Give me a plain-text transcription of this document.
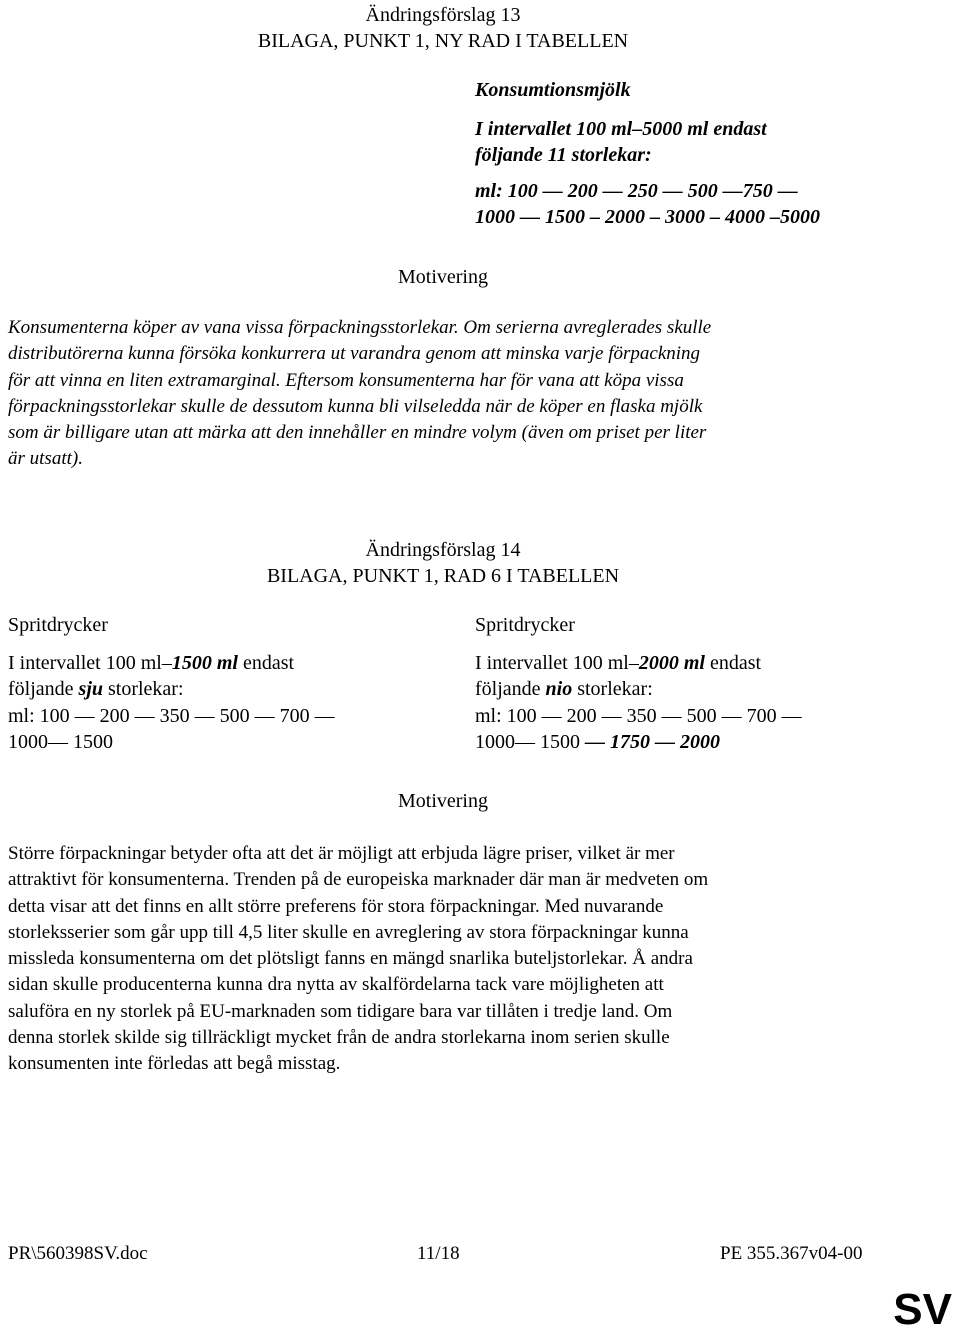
Ändringsförslag 13
BILAGA, PUNKT 1, NY RAD I TABELLEN
Konsumtionsmjölk
I intervallet 100 ml–5000 ml endast
följande 11 storlekar:
ml: 100 — 200 — 250 — 500 —750 —
1000 — 1500 – 2000 – 3000 – 4000 –5000
Motivering
Konsumenterna köper av vana vissa förpackningsstorlekar. Om serierna avreglerades skulle
distributörerna kunna försöka konkurrera ut varandra genom att minska varje förpackning
för att vinna en liten extramarginal. Eftersom konsumenterna har för vana att köpa vissa
förpackningsstorlekar skulle de dessutom kunna bli vilseledda när de köper en flaska mjölk
som är billigare utan att märka att den innehåller en mindre volym (även om priset per liter
är utsatt).
Ändringsförslag 14
BILAGA, PUNKT 1, RAD 6 I TABELLEN
Spritdrycker
I intervallet 100 ml–1500 ml endast
följande sju storlekar:
ml: 100 — 200 — 350 — 500 — 700 —
1000— 1500
Spritdrycker
I intervallet 100 ml–2000 ml endast
följande nio storlekar:
ml: 100 — 200 — 350 — 500 — 700 —
1000— 1500 — 1750 — 2000
Motivering
Större förpackningar betyder ofta att det är möjligt att erbjuda lägre priser, vilket är mer
attraktivt för konsumenterna. Trenden på de europeiska marknader där man är medveten om
detta visar att det finns en allt större preferens för stora förpackningar. Med nuvarande
storleksserier som går upp till 4,5 liter skulle en avreglering av stora förpackningar kunna
missleda konsumenterna om det plötsligt fanns en mängd snarlika buteljstorlekar. Å andra
sidan skulle producenterna kunna dra nytta av skalfördelarna tack vare möjligheten att
saluföra en ny storlek på EU-marknaden som tidigare bara var tillåten i tredje land. Om
denna storlek skilde sig tillräckligt mycket från de andra storlekarna inom serien skulle
konsumenten inte förledas att begå misstag.
PR\560398SV.doc	11/18	PE 355.367v04-00
SV
